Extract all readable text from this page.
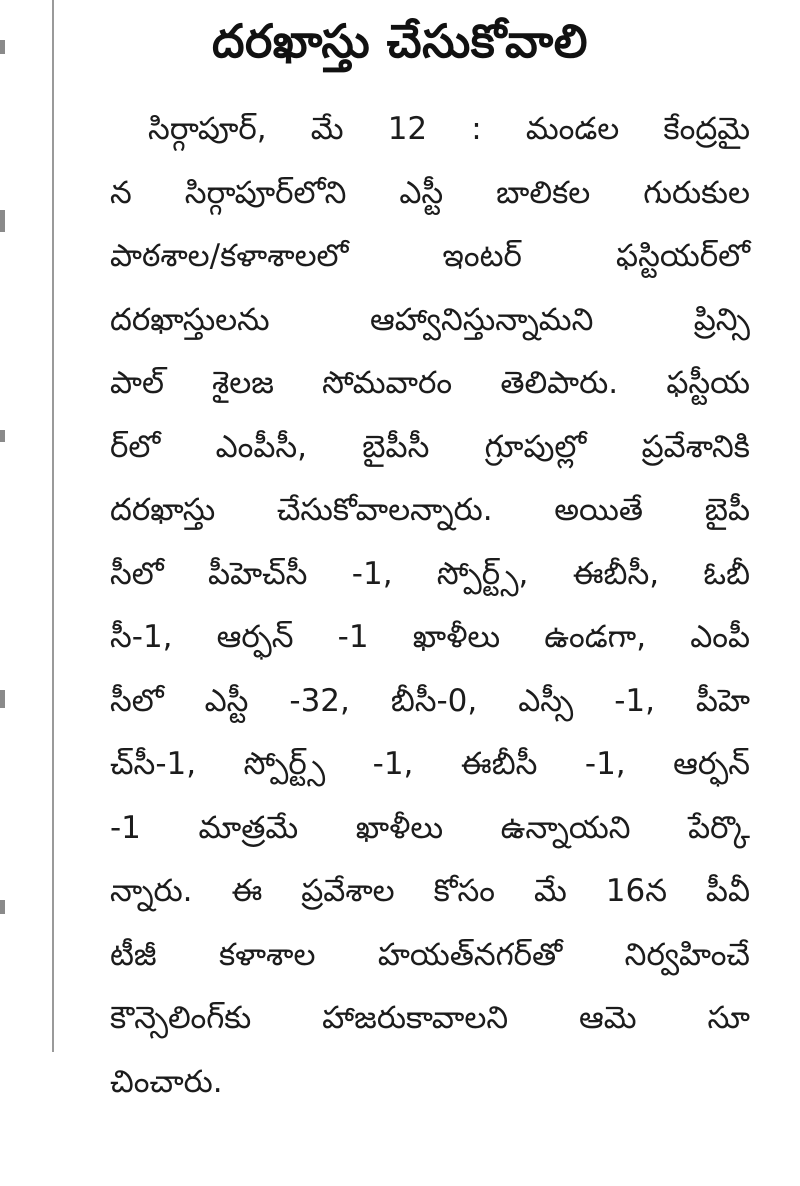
దరఖాస్తు చేసుకోవాలి
సిర్గాపూర్, మే 12 : మండల కేంద్రమై
న సిర్గాపూర్‌లోని ఎస్టీ బాలికల గురుకుల
పాఠశాల/కళాశాలలో ఇంటర్ ఫస్టియర్‌లో
దరఖాస్తులను ఆహ్వానిస్తున్నామని ప్రిన్సి
పాల్ శైలజ సోమవారం తెలిపారు. ఫస్టీయ
ర్‌లో ఎంపీసీ, బైపీసీ గ్రూపుల్లో ప్రవేశానికి
దరఖాస్తు చేసుకోవాలన్నారు. అయితే బైపీ
సీలో పీహెచ్‌సీ -1, స్పోర్ట్స్, ఈబీసీ, ఓబీ
సీ-1, ఆర్ఫన్ -1 ఖాళీలు ఉండగా, ఎంపీ
సీలో ఎస్టీ -32, బీసీ-0, ఎస్సీ -1, పీహె
చ్‌సీ-1, స్పోర్ట్స్ -1, ఈబీసీ -1, ఆర్ఫన్
-1 మాత్రమే ఖాళీలు ఉన్నాయని పేర్కొ
న్నారు. ఈ ప్రవేశాల కోసం మే 16న పీవీ
టీజీ కళాశాల హయత్‌నగర్‌తో నిర్వహించే
కౌన్సెలింగ్‌కు హాజరుకావాలని ఆమె సూ
చించారు.
